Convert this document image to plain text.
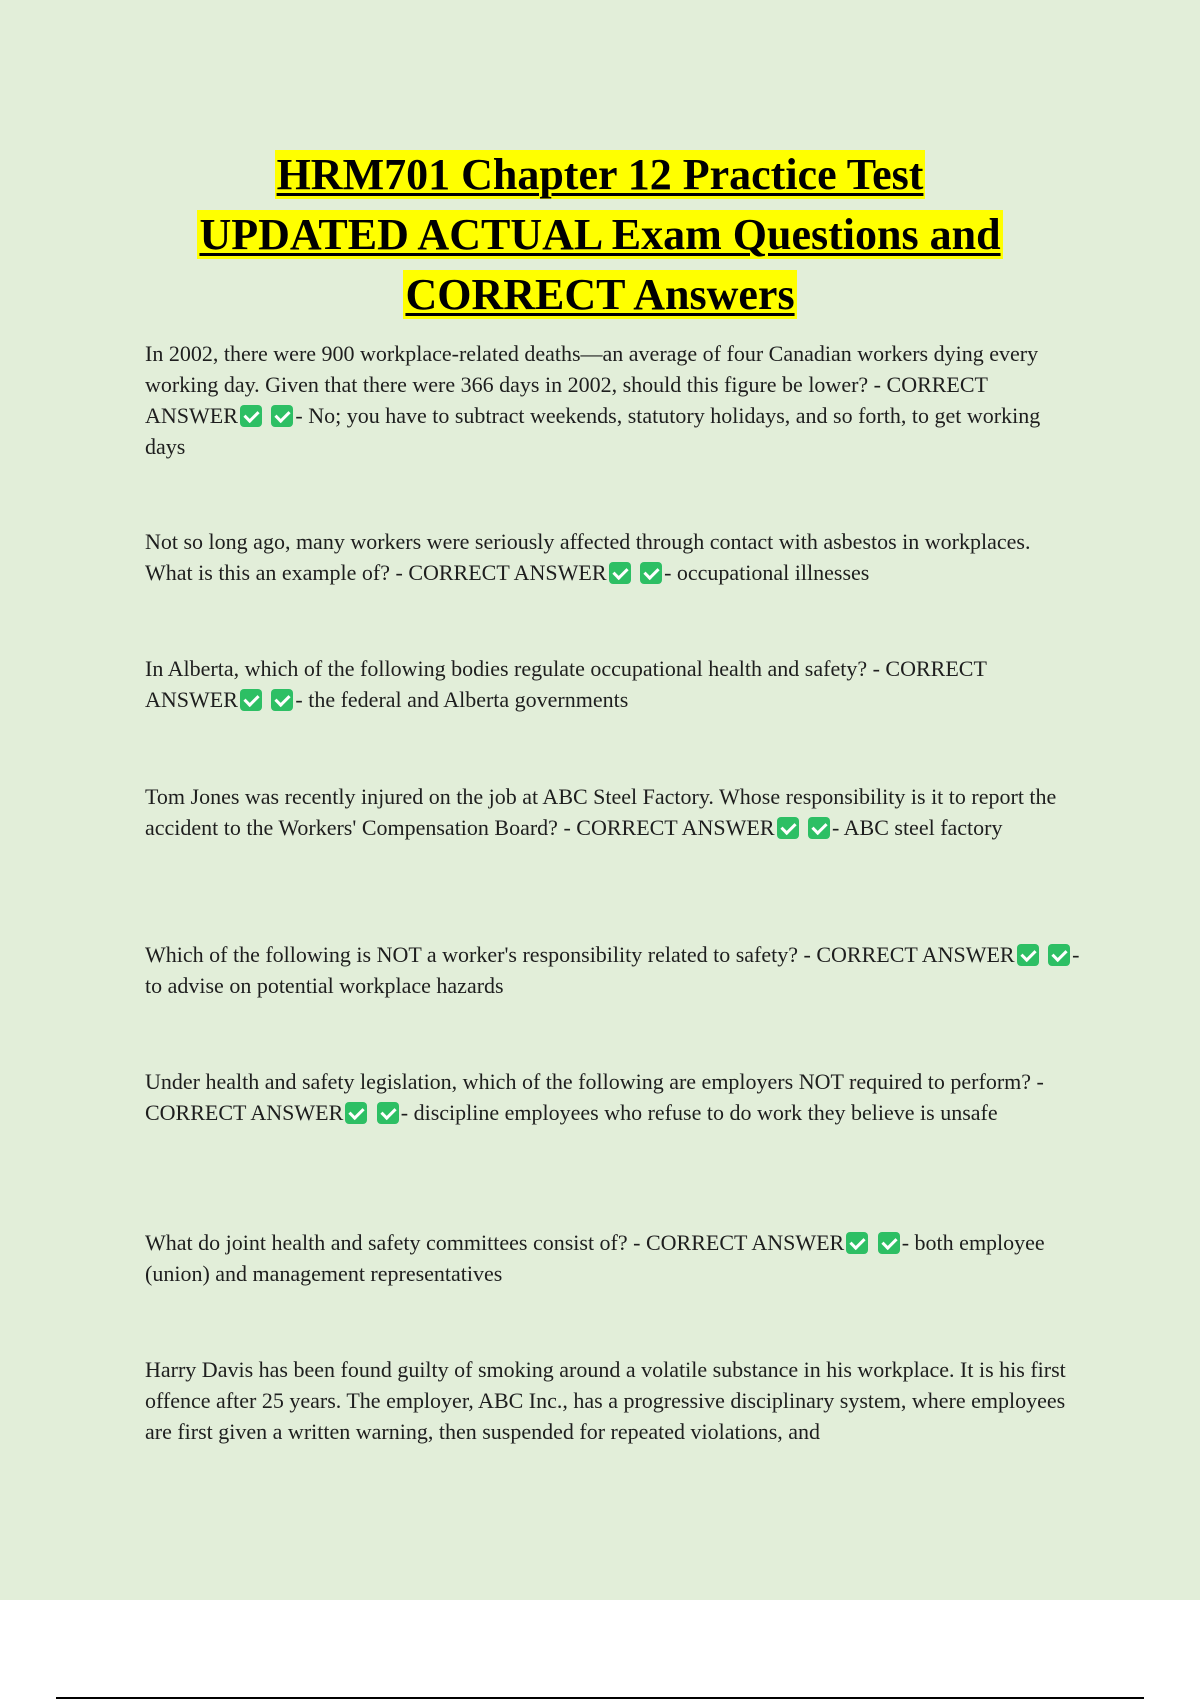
HRM701 Chapter 12 Practice Test
UPDATED ACTUAL Exam Questions and
CORRECT Answers

In 2002, there were 900 workplace-related deaths—an average of four Canadian workers dying every working day. Given that there were 366 days in 2002, should this figure be lower? - CORRECT ANSWER	- No; you have to subtract weekends, statutory holidays, and so forth, to get working days

Not so long ago, many workers were seriously affected through contact with asbestos in workplaces. What is this an example of? - CORRECT ANSWER	- occupational illnesses

In Alberta, which of the following bodies regulate occupational health and safety? - CORRECT ANSWER	- the federal and Alberta governments

Tom Jones was recently injured on the job at ABC Steel Factory. Whose responsibility is it to report the accident to the Workers' Compensation Board? - CORRECT ANSWER	- ABC steel factory

Which of the following is NOT a worker's responsibility related to safety? - CORRECT ANSWER	- to advise on potential workplace hazards

Under health and safety legislation, which of the following are employers NOT required to perform? - CORRECT ANSWER	- discipline employees who refuse to do work they believe is unsafe

What do joint health and safety committees consist of? - CORRECT ANSWER	- both employee (union) and management representatives

Harry Davis has been found guilty of smoking around a volatile substance in his workplace. It is his first offence after 25 years. The employer, ABC Inc., has a progressive disciplinary system, where employees are first given a written warning, then suspended for repeated violations, and
